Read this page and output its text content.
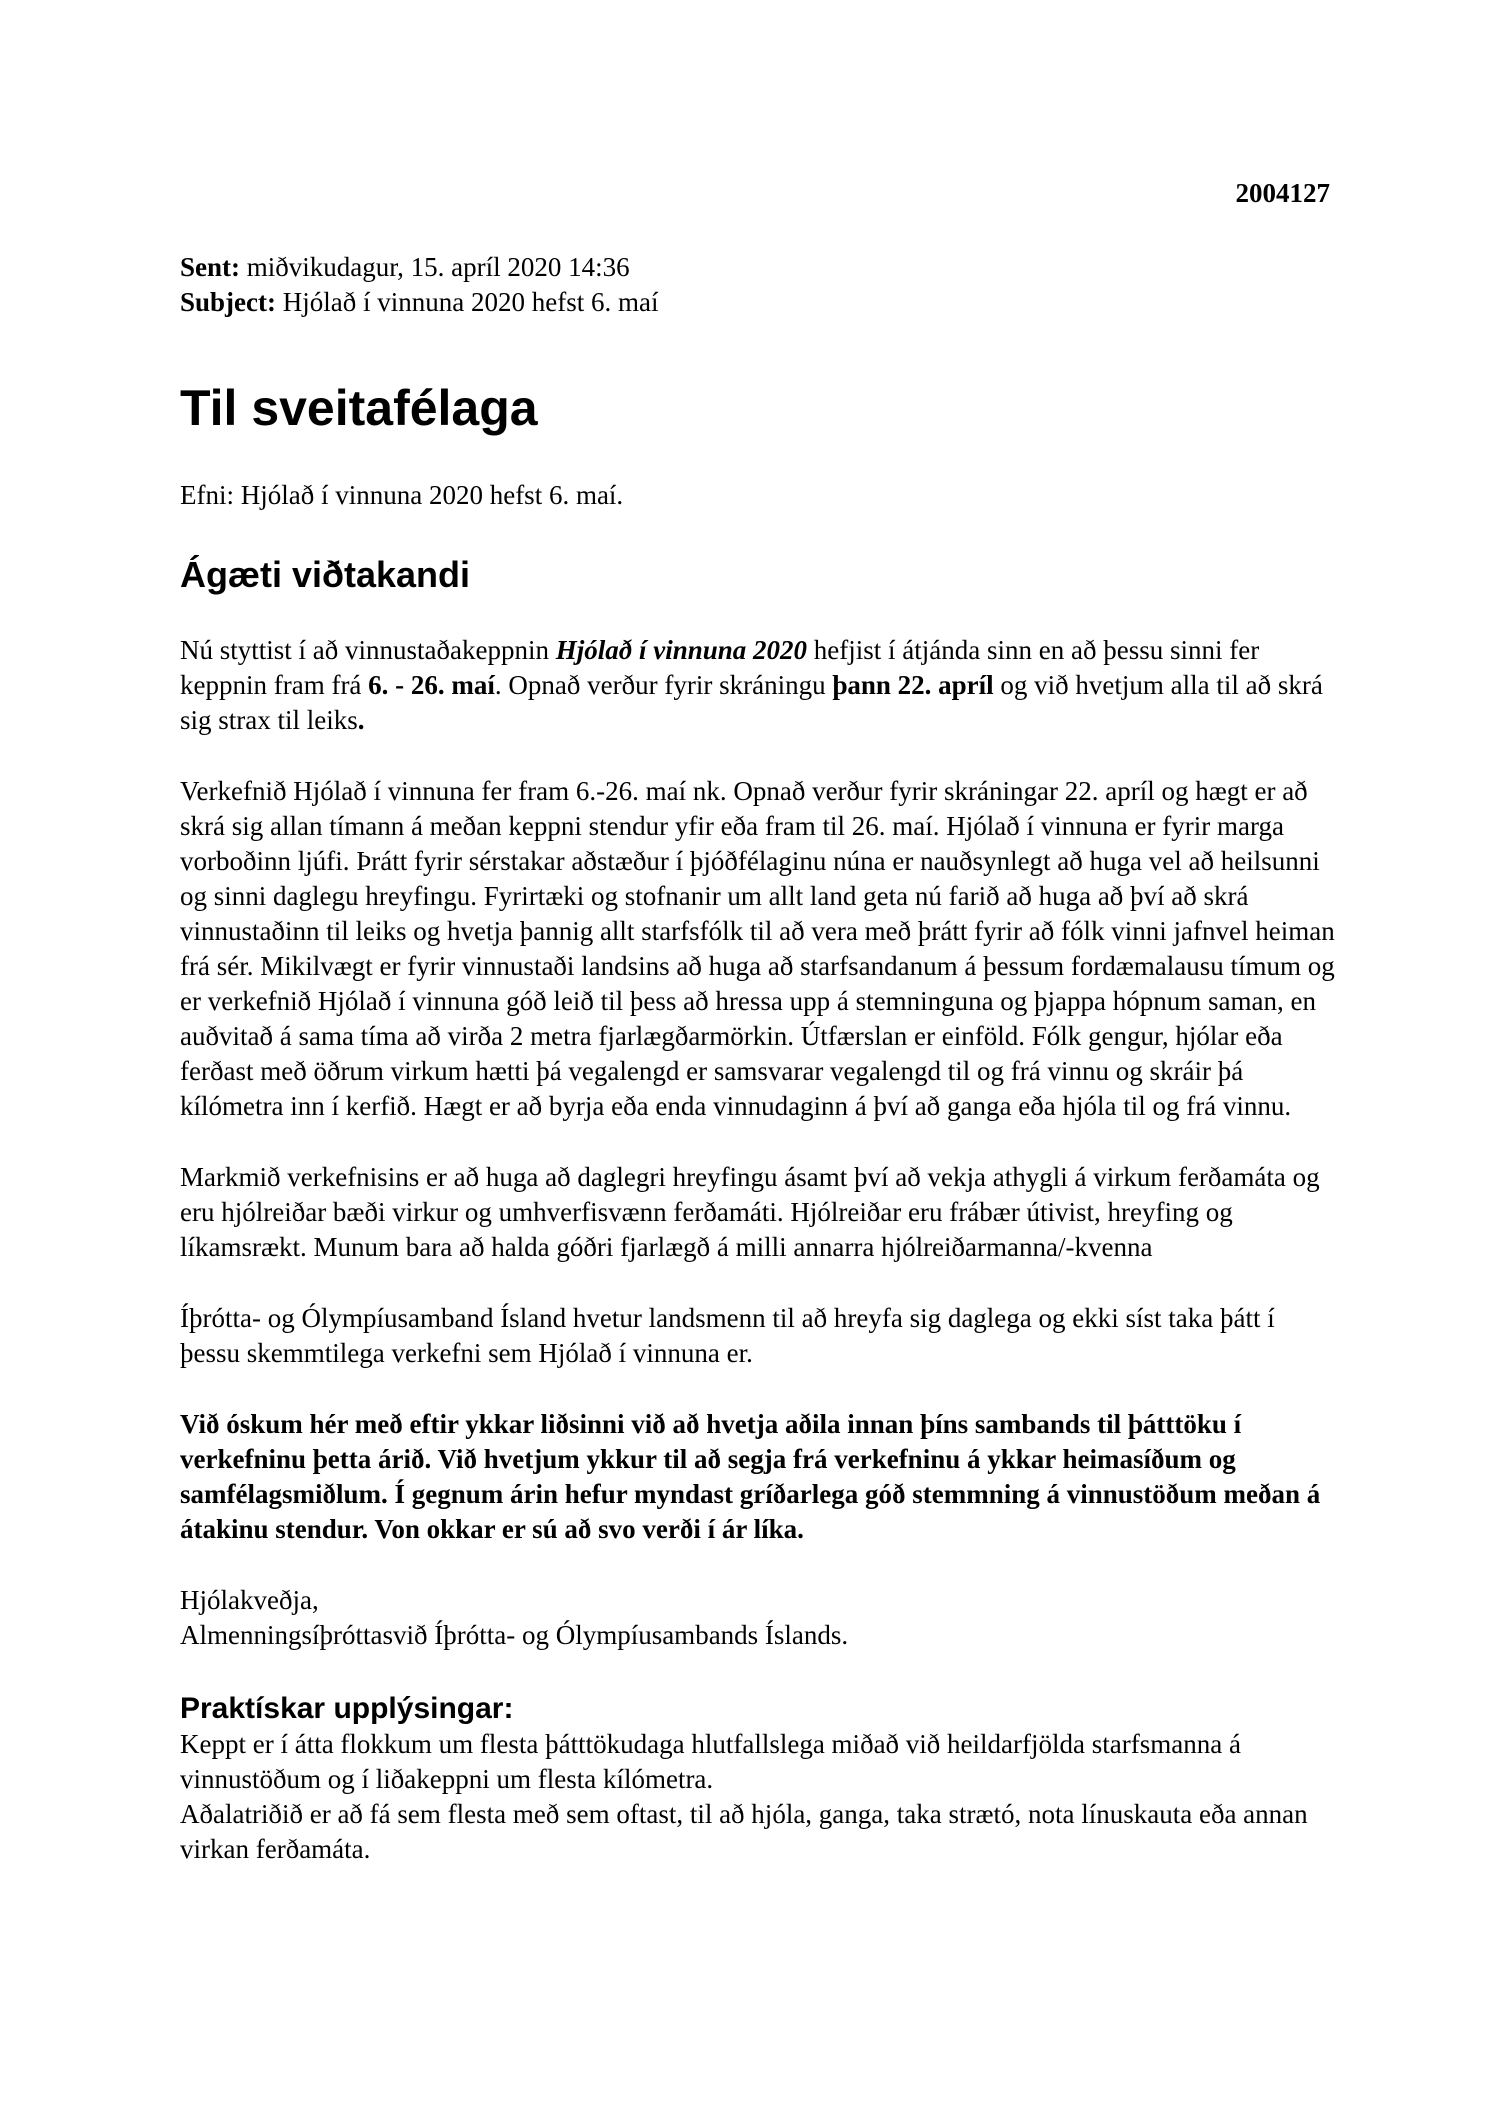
2004127

Sent: miðvikudagur, 15. apríl 2020 14:36

Subject: Hjólað í vinnuna 2020 hefst 6. maí

Til sveitafélaga

Efni: Hjólað í vinnuna 2020 hefst 6. maí.

Ágæti viðtakandi

Nú styttist í að vinnustaðakeppnin Hjólað í vinnuna 2020 hefjist í átjánda sinn en að þessu sinni fer keppnin fram frá 6. - 26. maí. Opnað verður fyrir skráningu þann 22. apríl og við hvetjum alla til að skrá sig strax til leiks.

Verkefnið Hjólað í vinnuna fer fram 6.-26. maí nk. Opnað verður fyrir skráningar 22. apríl og hægt er að skrá sig allan tímann á meðan keppni stendur yfir eða fram til 26. maí. Hjólað í vinnuna er fyrir marga vorboðinn ljúfi. Þrátt fyrir sérstakar aðstæður í þjóðfélaginu núna er nauðsynlegt að huga vel að heilsunni og sinni daglegu hreyfingu. Fyrirtæki og stofnanir um allt land geta nú farið að huga að því að skrá vinnustaðinn til leiks og hvetja þannig allt starfsfólk til að vera með þrátt fyrir að fólk vinni jafnvel heiman frá sér. Mikilvægt er fyrir vinnustaði landsins að huga að starfsandanum á þessum fordæmalausu tímum og er verkefnið Hjólað í vinnuna góð leið til þess að hressa upp á stemninguna og þjappa hópnum saman, en auðvitað á sama tíma að virða 2 metra fjarlægðarmörkin. Útfærslan er einföld. Fólk gengur, hjólar eða ferðast með öðrum virkum hætti þá vegalengd er samsvarar vegalengd til og frá vinnu og skráir þá kílómetra inn í kerfið. Hægt er að byrja eða enda vinnudaginn á því að ganga eða hjóla til og frá vinnu.

Markmið verkefnisins er að huga að daglegri hreyfingu ásamt því að vekja athygli á virkum ferðamáta og eru hjólreiðar bæði virkur og umhverfisvænn ferðamáti. Hjólreiðar eru frábær útivist, hreyfing og líkamsrækt. Munum bara að halda góðri fjarlægð á milli annarra hjólreiðarmanna/-kvenna

Íþrótta- og Ólympíusamband Ísland hvetur landsmenn til að hreyfa sig daglega og ekki síst taka þátt í þessu skemmtilega verkefni sem Hjólað í vinnuna er.

Við óskum hér með eftir ykkar liðsinni við að hvetja aðila innan þíns sambands til þátttöku í verkefninu þetta árið. Við hvetjum ykkur til að segja frá verkefninu á ykkar heimasíðum og samfélagsmiðlum. Í gegnum árin hefur myndast gríðarlega góð stemmning á vinnustöðum meðan á átakinu stendur. Von okkar er sú að svo verði í ár líka.

Hjólakveðja,
Almenningsíþróttasvið Íþrótta- og Ólympíusambands Íslands.
Praktískar upplýsingar:

Keppt er í átta flokkum um flesta þátttökudaga hlutfallslega miðað við heildarfjölda starfsmanna á vinnustöðum og í liðakeppni um flesta kílómetra.

Aðalatriðið er að fá sem flesta með sem oftast, til að hjóla, ganga, taka strætó, nota línuskauta eða annan virkan ferðamáta.
